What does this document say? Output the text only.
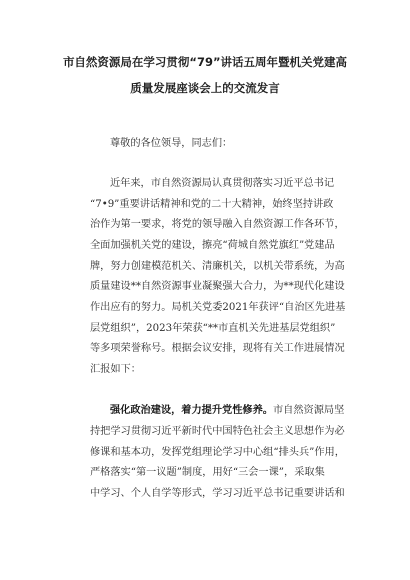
市自然资源局在学习贯彻“79”讲话五周年暨机关党建高
质量发展座谈会上的交流发言
尊敬的各位领导，同志们：
近年来，市自然资源局认真贯彻落实习近平总书记
“7•9”重要讲话精神和党的二十大精神，始终坚持讲政
治作为第一要求，将党的领导融入自然资源工作各环节，
全面加强机关党的建设，擦亮“荷城自然党旗红”党建品
牌，努力创建模范机关、清廉机关，以机关带系统，为高
质量建设**自然资源事业凝聚强大合力，为**现代化建设
作出应有的努力。局机关党委2021年获评“自治区先进基
层党组织”，2023年荣获“**市直机关先进基层党组织”
等多项荣誉称号。根据会议安排，现将有关工作进展情况
汇报如下：
强化政治建设，着力提升党性修养。市自然资源局坚
持把学习贯彻习近平新时代中国特色社会主义思想作为必
修课和基本功，发挥党组理论学习中心组“排头兵”作用，
严格落实“第一议题”制度，用好“三会一课”，采取集
中学习、个人自学等形式，学习习近平总书记重要讲话和
